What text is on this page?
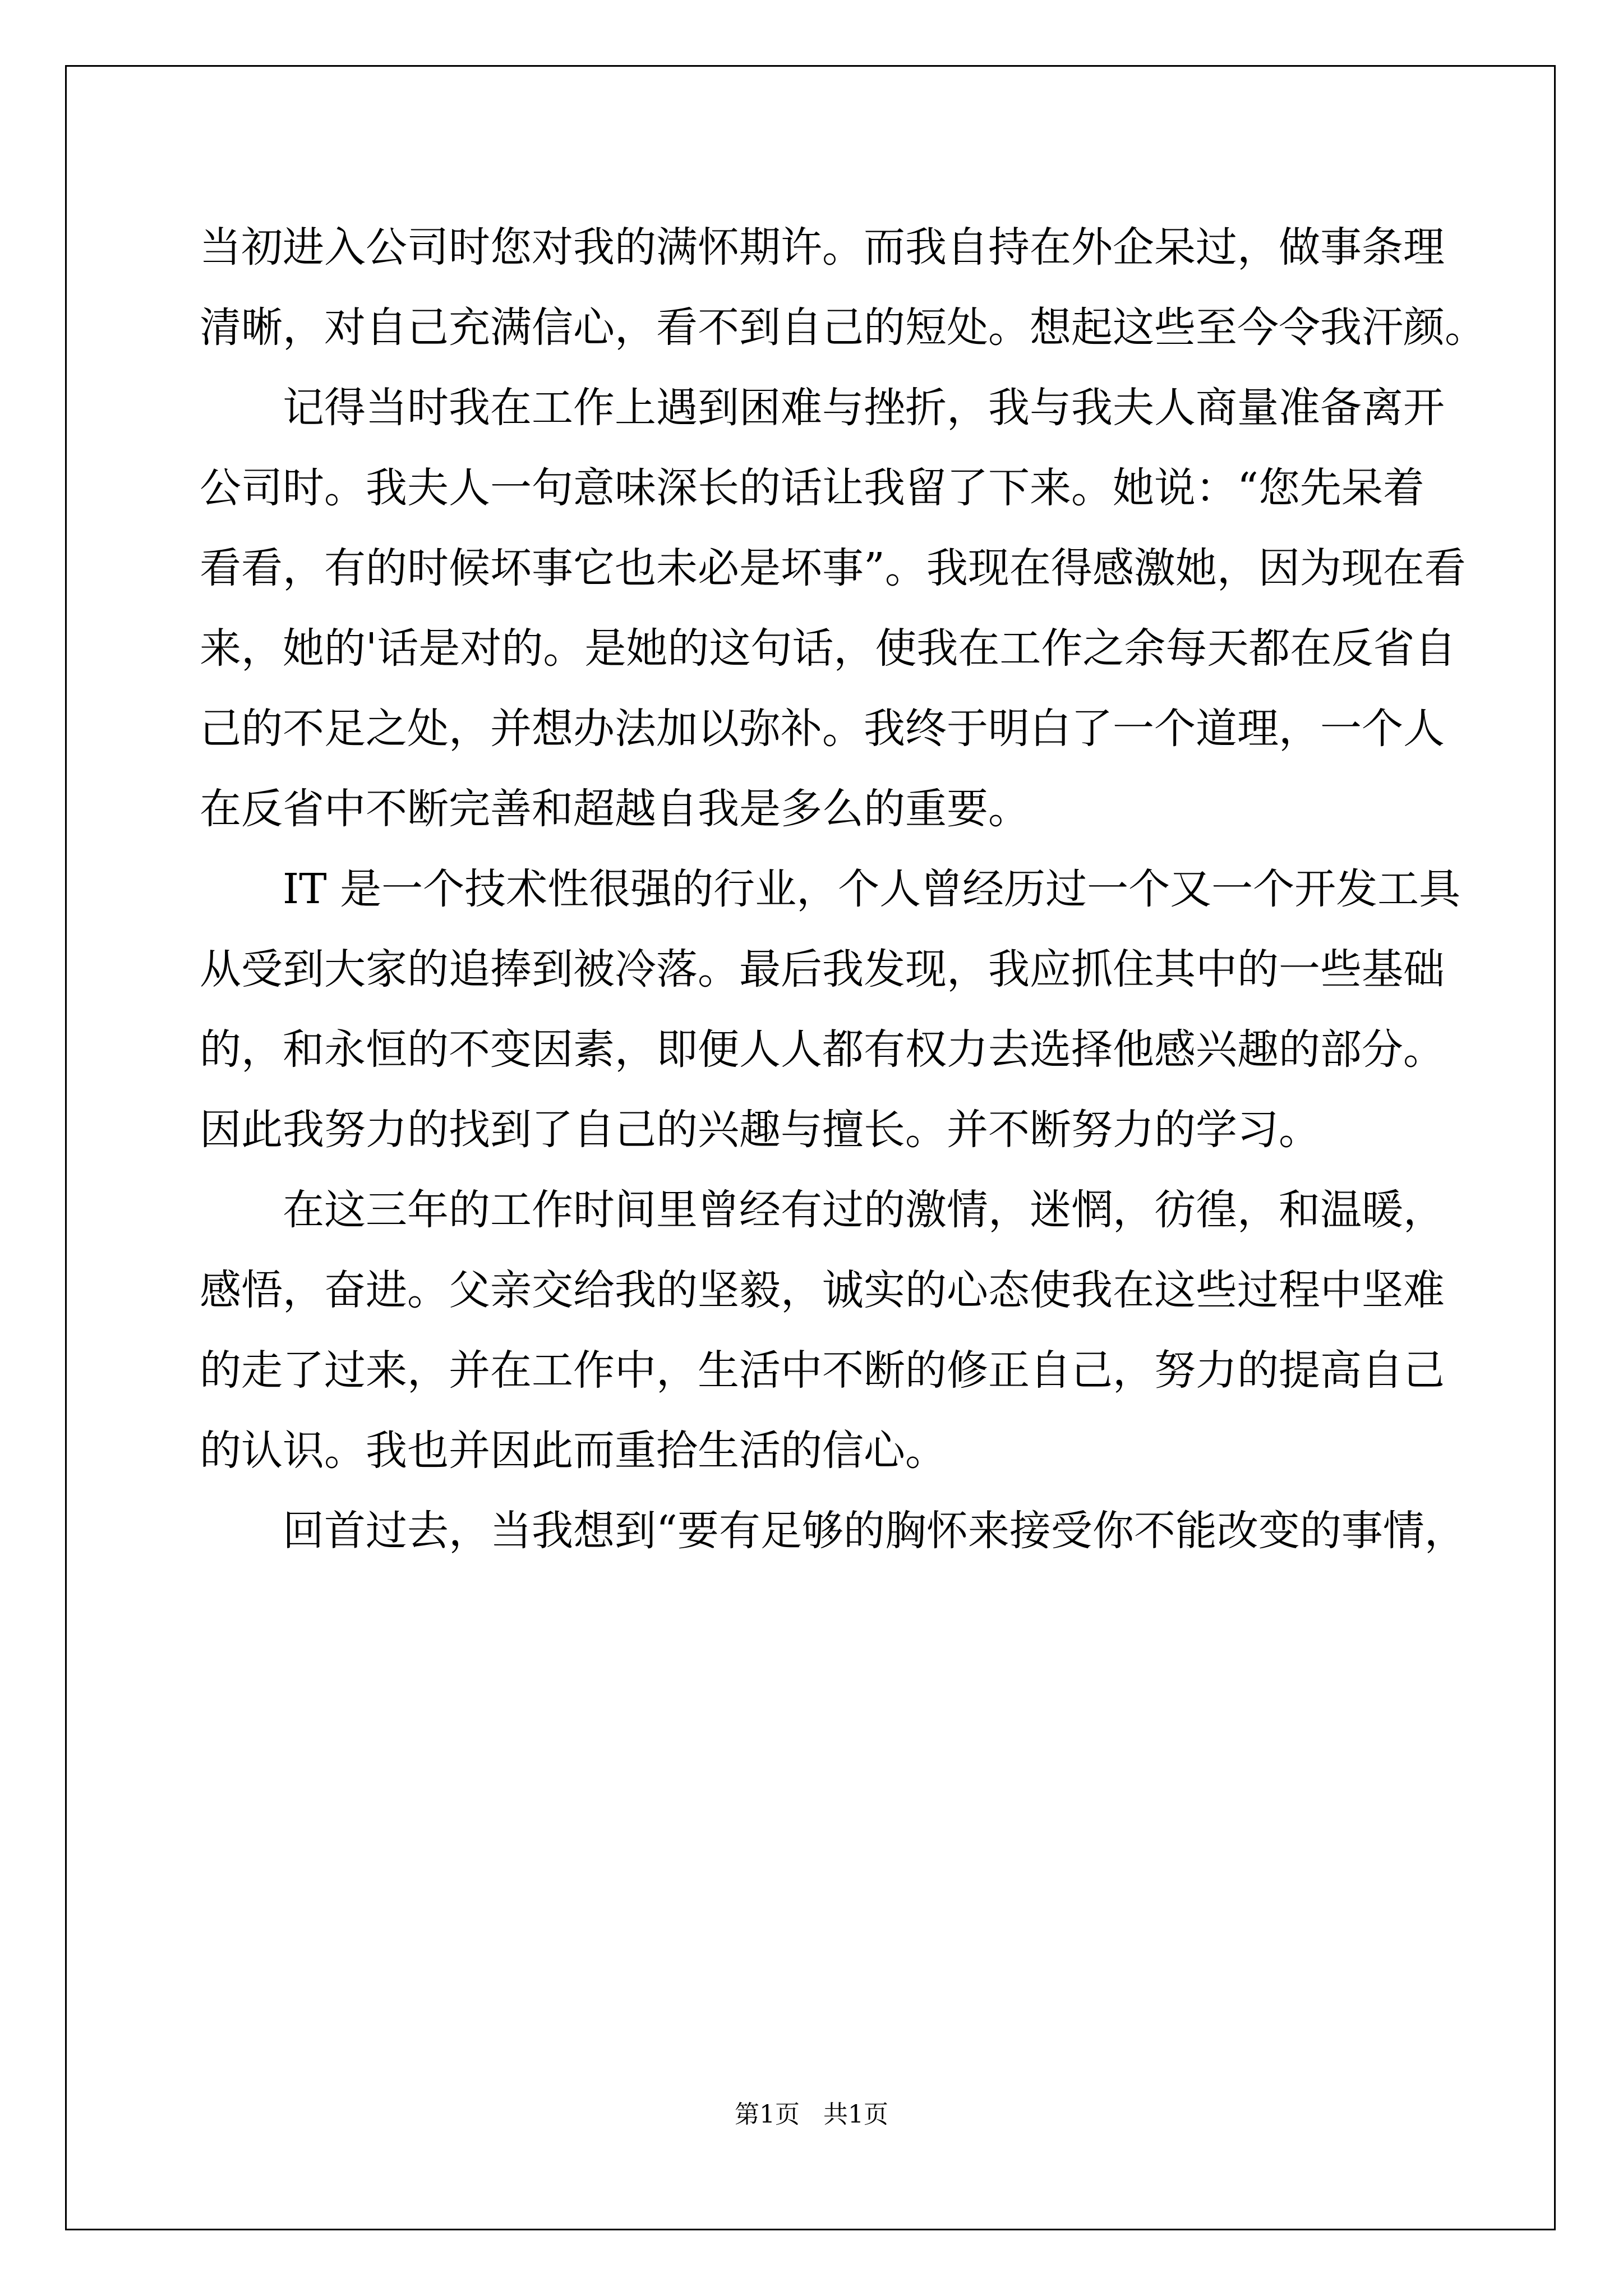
当初进入公司时您对我的满怀期许。而我自持在外企呆过，做事条理
清晰，对自己充满信心，看不到自己的短处。想起这些至今令我汗颜。
记得当时我在工作上遇到困难与挫折，我与我夫人商量准备离开
公司时。我夫人一句意味深长的话让我留了下来。她说：“您先呆着
看看，有的时候坏事它也未必是坏事”。我现在得感激她，因为现在看
来，她的'话是对的。是她的这句话，使我在工作之余每天都在反省自
己的不足之处，并想办法加以弥补。我终于明白了一个道理，一个人
在反省中不断完善和超越自我是多么的重要。
IT 是一个技术性很强的行业，个人曾经历过一个又一个开发工具
从受到大家的追捧到被冷落。最后我发现，我应抓住其中的一些基础
的，和永恒的不变因素，即便人人都有权力去选择他感兴趣的部分。
因此我努力的找到了自己的兴趣与擅长。并不断努力的学习。
在这三年的工作时间里曾经有过的激情，迷惘，彷徨，和温暖，
感悟，奋进。父亲交给我的坚毅，诚实的心态使我在这些过程中坚难
的走了过来，并在工作中，生活中不断的修正自己，努力的提高自己
的认识。我也并因此而重拾生活的信心。
回首过去，当我想到“要有足够的胸怀来接受你不能改变的事情，
第1页   共1页
